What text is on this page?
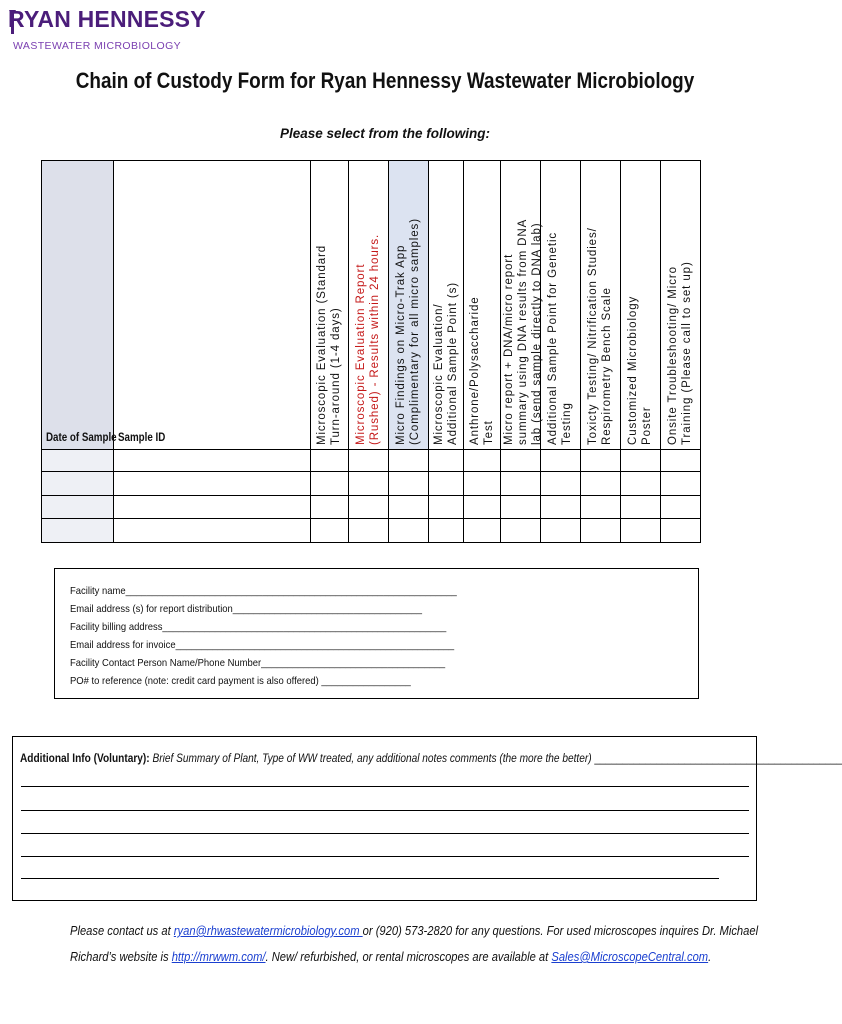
RYAN HENNESSY
WASTEWATER MICROBIOLOGY
Chain of Custody Form for Ryan Hennessy Wastewater Microbiology
Please select from the following:
Date of Sample Sample ID	Microscopic Evaluation (Standard Turn-around (1-4 days) Microscopic Evaluation Report (Rushed) - Results within 24 hours. Micro Findings on Micro-Trak App (Complimentary for all micro samples) Microscopic Evaluation/ Additional Sample Point (s) Anthrone/Polysaccharide Test Micro report + DNA/micro report summary using DNA results from DNA lab (send sample directly to DNA lab) Additional Sample Point for Genetic Testing Toxicty Testing/ Nitrification Studies/ Respirometry Bench Scale Customized Microbiology Poster Onsite Troubleshooting/ Micro Training (Please call to set up)
Facility name_______________________________________________________________
Email address (s) for report distribution____________________________________
Facility billing address______________________________________________________
Email address for invoice_____________________________________________________
Facility Contact Person Name/Phone Number___________________________________
PO# to reference (note: credit card payment is also offered) _________________
Additional Info (Voluntary): Brief Summary of Plant, Type of WW treated, any additional notes comments (the more the better) ____________________________________________
Please contact us at ryan@rhwastewatermicrobiology.com or (920) 573-2820 for any questions. For used microscopes inquires Dr. Michael
Richard’s website is http://mrwwm.com/. New/ refurbished, or rental microscopes are available at Sales@MicroscopeCentral.com.
